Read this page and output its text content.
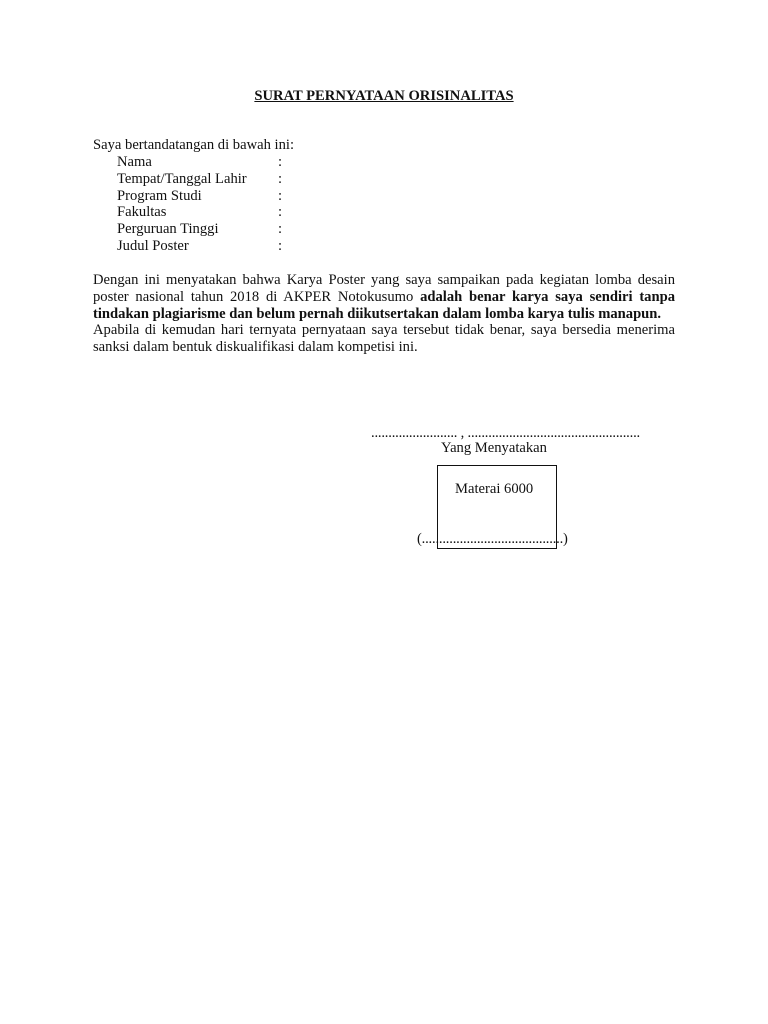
SURAT PERNYATAAN ORISINALITAS
Saya bertandatangan di bawah ini:
Nama	:
Tempat/Tanggal Lahir	:
Program Studi	:
Fakultas	:
Perguruan Tinggi	:
Judul Poster	:

Dengan ini menyatakan bahwa Karya Poster yang saya sampaikan pada kegiatan lomba desain poster nasional tahun 2018 di AKPER Notokusumo adalah benar karya saya sendiri tanpa tindakan plagiarisme dan belum pernah diikutsertakan dalam lomba karya tulis manapun.

Apabila di kemudan hari ternyata pernyataan saya tersebut tidak benar, saya bersedia menerima sanksi dalam bentuk diskualifikasi dalam kompetisi ini.

......................... , ..................................................
Yang Menyatakan
Materai 6000
(.........................................)
